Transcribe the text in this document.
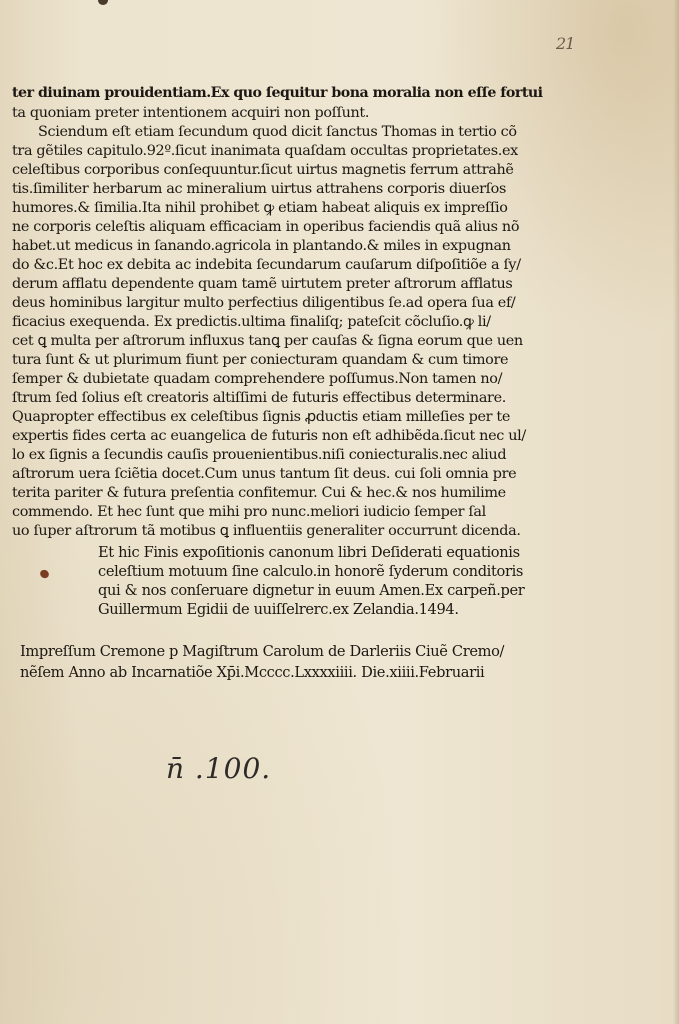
21
ter diuinam prouidentiam.Ex quo ſequitur bona moralia non eſſe fortui
ta quoniam preter intentionem acquiri non poſſunt.
Sciendum eſt etiam ſecundum quod dicit ſanctus Thomas in tertio cõ
tra gẽtiles capitulo.92º.ſicut inanimata quaſdam occultas proprietates.ex
celeſtibus corporibus conſequuntur.ſicut uirtus magnetis ferrum attrahẽ
tis.ſimiliter herbarum ac mineralium uirtus attrahens corporis diuerſos
humores.& ſimilia.Ita nihil prohibet ꝙ etiam habeat aliquis ex impreſſio
ne corporis celeſtis aliquam efficaciam in operibus faciendis quã alius nõ
habet.ut medicus in ſanando.agricola in plantando.& miles in expugnan
do &c.Et hoc ex debita ac indebita ſecundarum cauſarum diſpoſitiõe a ſy/
derum afflatu dependente quam tamẽ uirtutem preter aſtrorum afflatus
deus hominibus largitur multo perfectius diligentibus ſe.ad opera ſua ef/
ficacius exequenda. Ex predictis.ultima finaliſq; pateſcit cõcluſio.ꝙ li/
cet ꝗ multa per aſtrorum influxus tanꝗ per cauſas & ſigna eorum que uen
tura ſunt & ut plurimum fiunt per coniecturam quandam & cum timore
ſemper & dubietate quadam comprehendere poſſumus.Non tamen no/
ſtrum ſed ſolius eſt creatoris altiſſimi de futuris effectibus determinare.
Quapropter effectibus ex celeſtibus ſignis ꝓductis etiam milleſies per te
expertis fides certa ac euangelica de futuris non eſt adhibẽda.ſicut nec ul/
lo ex ſignis a ſecundis cauſis prouenientibus.niſi coniecturalis.nec aliud
aſtrorum uera ſciẽtia docet.Cum unus tantum ſit deus. cui ſoli omnia pre
terita pariter & futura preſentia confitemur. Cui & hec.& nos humilime
commendo. Et hec ſunt que mihi pro nunc.meliori iudicio ſemper ſal
uo ſuper aſtrorum tã motibus ꝗ influentiis generaliter occurrunt dicenda.
Et hic Finis expoſitionis canonum libri Deſiderati equationis
celeſtium motuum ſine calculo.in honorẽ ſyderum conditoris
qui & nos conſeruare dignetur in euum Amen.Ex carpeñ.per
Guillermum Egidii de uuiſſelrerc.ex Zelandia.1494.
Impreſſum Cremone p Magiſtrum Carolum de Darleriis Ciuẽ Cremo/
nẽſem Anno ab Incarnatiõe Xp̄i.Mcccc.Lxxxxiiii. Die.xiiii.Februarii
n̄ .100.
